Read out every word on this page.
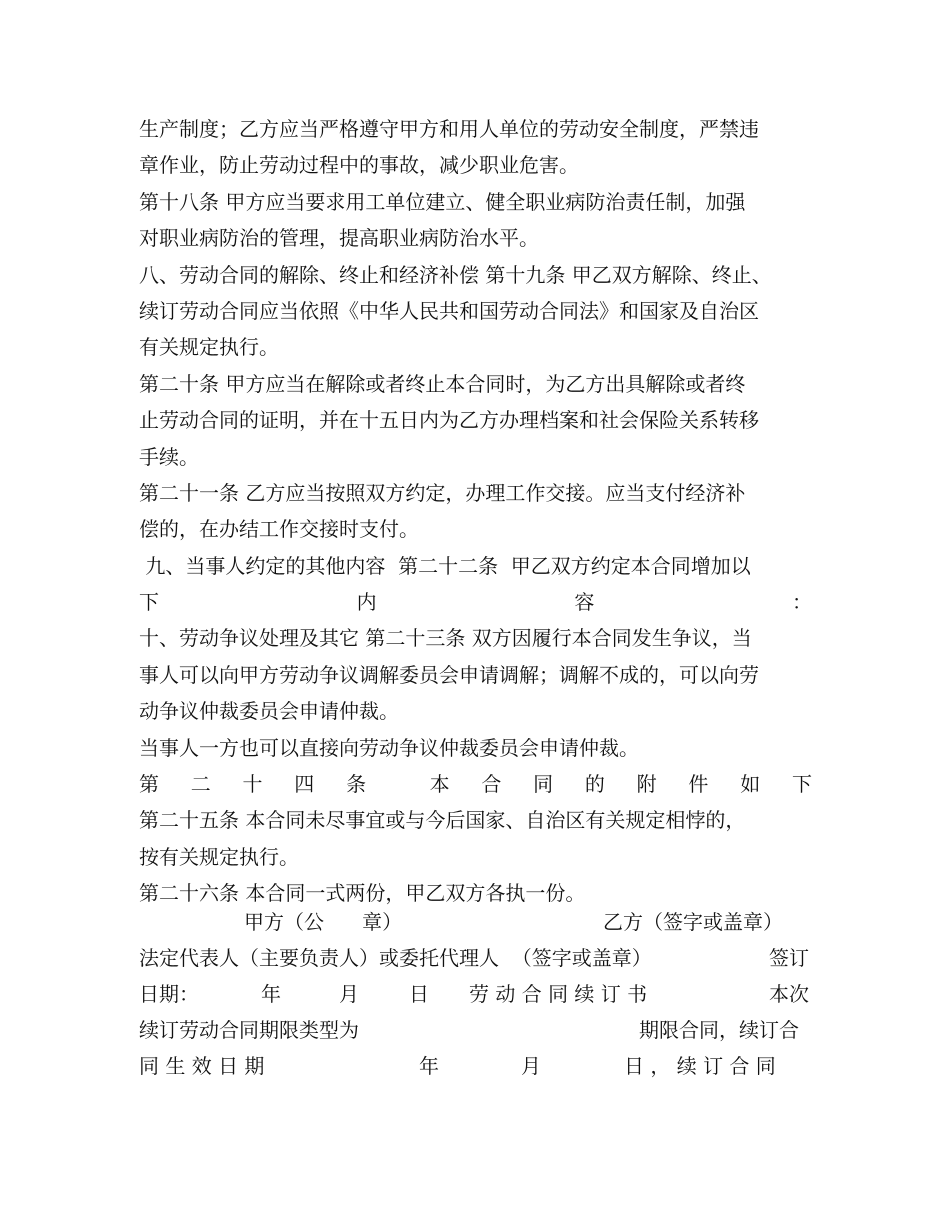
生产制度；乙方应当严格遵守甲方和用人单位的劳动安全制度，严禁违
章作业，防止劳动过程中的事故，减少职业危害。
第十八条 甲方应当要求用工单位建立、健全职业病防治责任制，加强
对职业病防治的管理，提高职业病防治水平。
八、劳动合同的解除、终止和经济补偿 第十九条 甲乙双方解除、终止、
续订劳动合同应当依照《中华人民共和国劳动合同法》和国家及自治区
有关规定执行。
第二十条 甲方应当在解除或者终止本合同时，为乙方出具解除或者终
止劳动合同的证明，并在十五日内为乙方办理档案和社会保险关系转移
手续。
第二十一条 乙方应当按照双方约定，办理工作交接。应当支付经济补
偿的，在办结工作交接时支付。
九、当事人约定的其他内容  第二十二条  甲乙双方约定本合同增加以
下	内	容	：
十、劳动争议处理及其它 第二十三条 双方因履行本合同发生争议，当
事人可以向甲方劳动争议调解委员会申请调解；调解不成的，可以向劳
动争议仲裁委员会申请仲裁。
当事人一方也可以直接向劳动争议仲裁委员会申请仲裁。
第 二 十 四 条	本 合 同 的 附 件 如 下
第二十五条 本合同未尽事宜或与今后国家、自治区有关规定相悖的，
按有关规定执行。
第二十六条 本合同一式两份，甲乙双方各执一份。
甲方（公      章）	乙方（签字或盖章）
法定代表人（主要负责人）或委托代理人  （签字或盖章）	签订
日期：	年	月	日 劳 动 合 同 续 订 书	本次
续订劳动合同期限类型为	期限合同，续订合
同 生 效 日 期	年	月	日 ， 续 订 合 同
